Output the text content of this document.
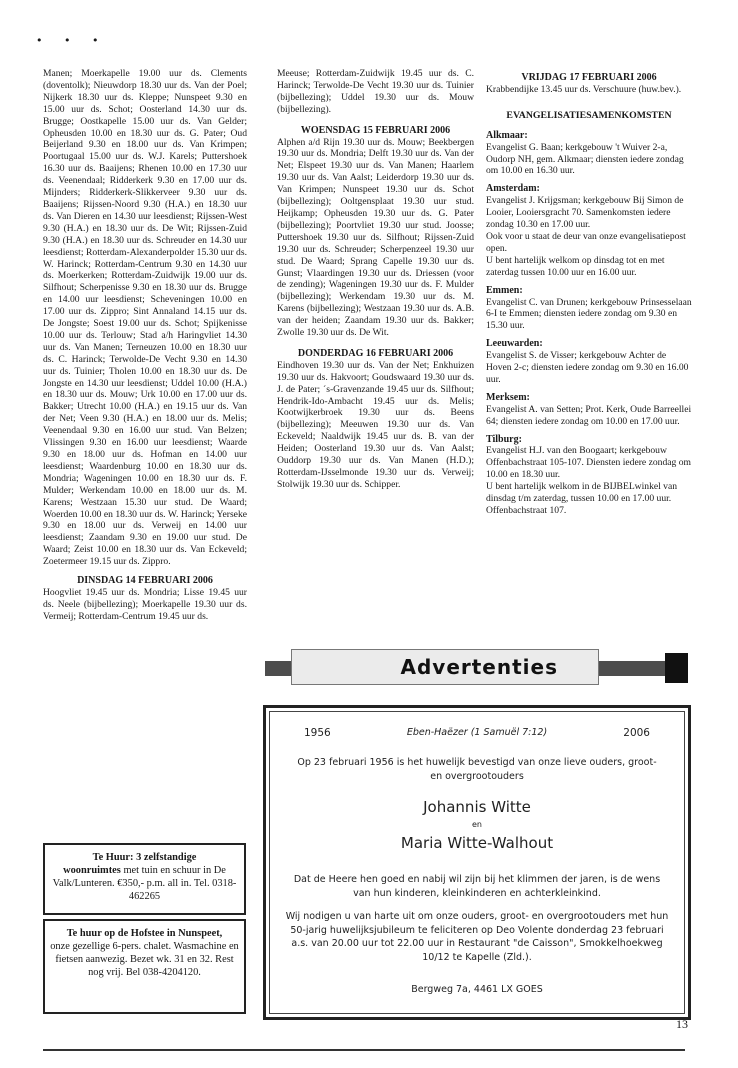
• • •

Manen; Moerkapelle 19.00 uur ds. Clements (doventolk); Nieuwdorp 18.30 uur ds. Van der Poel; Nijkerk 18.30 uur ds. Kleppe; Nunspeet 9.30 en 15.00 uur ds. Schot; Oosterland 14.30 uur ds. Brugge; Oostkapelle 15.00 uur ds. Van Gelder; Opheusden 10.00 en 18.30 uur ds. G. Pater; Oud Beijerland 9.30 en 18.00 uur ds. Van Krimpen; Poortugaal 15.00 uur ds. W.J. Karels; Puttershoek 16.30 uur ds. Baaijens; Rhenen 10.00 en 17.30 uur ds. Veenendaal; Ridderkerk 9.30 en 17.00 uur ds. Mijnders; Ridderkerk-Slikkerveer 9.30 uur ds. Baaijens; Rijssen-Noord 9.30 (H.A.) en 18.30 uur ds. Van Dieren en 14.30 uur leesdienst; Rijssen-West 9.30 (H.A.) en 18.30 uur ds. De Wit; Rijssen-Zuid 9.30 (H.A.) en 18.30 uur ds. Schreuder en 14.30 uur leesdienst; Rotterdam-Alexanderpolder 15.30 uur ds. W. Harinck; Rotterdam-Centrum 9.30 en 14.30 uur ds. Moerkerken; Rotterdam-Zuidwijk 19.00 uur ds. Silfhout; Scherpenisse 9.30 en 18.30 uur ds. Brugge en 14.00 uur leesdienst; Scheveningen 10.00 en 17.00 uur ds. Zippro; Sint Annaland 14.15 uur ds. De Jongste; Soest 19.00 uur ds. Schot; Spijkenisse 10.00 uur ds. Terlouw; Stad a/h Haringvliet 14.30 uur ds. Van Manen; Terneuzen 10.00 en 18.30 uur ds. C. Harinck; Terwolde-De Vecht 9.30 en 14.30 uur ds. Tuinier; Tholen 10.00 en 18.30 uur ds. De Jongste en 14.30 uur leesdienst; Uddel 10.00 (H.A.) en 18.30 uur ds. Mouw; Urk 10.00 en 17.00 uur ds. Bakker; Utrecht 10.00 (H.A.) en 19.15 uur ds. Van der Net; Veen 9.30 (H.A.) en 18.00 uur ds. Melis; Veenendaal 9.30 en 16.00 uur stud. Van Belzen; Vlissingen 9.30 en 16.00 uur leesdienst; Waarde 9.30 en 18.00 uur ds. Hofman en 14.00 uur leesdienst; Waardenburg 10.00 en 18.30 uur ds. Mondria; Wageningen 10.00 en 18.30 uur ds. F. Mulder; Werkendam 10.00 en 18.00 uur ds. M. Karens; Westzaan 15.30 uur stud. De Waard; Woerden 10.00 en 18.30 uur ds. W. Harinck; Yerseke 9.30 en 18.00 uur ds. Verweij en 14.00 uur leesdienst; Zaandam 9.30 en 19.00 uur stud. De Waard; Zeist 10.00 en 18.30 uur ds. Van Eckeveld; Zoetermeer 19.15 uur ds. Zippro.

DINSDAG 14 FEBRUARI 2006

Hoogvliet 19.45 uur ds. Mondria; Lisse 19.45 uur ds. Neele (bijbellezing); Moerkapelle 19.30 uur ds. Vermeij; Rotterdam-Centrum 19.45 uur ds.

Meeuse; Rotterdam-Zuidwijk 19.45 uur ds. C. Harinck; Terwolde-De Vecht 19.30 uur ds. Tuinier (bijbellezing); Uddel 19.30 uur ds. Mouw (bijbellezing).

WOENSDAG 15 FEBRUARI 2006

Alphen a/d Rijn 19.30 uur ds. Mouw; Beekbergen 19.30 uur ds. Mondria; Delft 19.30 uur ds. Van der Net; Elspeet 19.30 uur ds. Van Manen; Haarlem 19.30 uur ds. Van Aalst; Leiderdorp 19.30 uur ds. Van Krimpen; Nunspeet 19.30 uur ds. Schot (bijbellezing); Ooltgensplaat 19.30 uur stud. Heijkamp; Opheusden 19.30 uur ds. G. Pater (bijbellezing); Poortvliet 19.30 uur stud. Joosse; Puttershoek 19.30 uur ds. Silfhout; Rijssen-Zuid 19.30 uur ds. Schreuder; Scherpenzeel 19.30 uur stud. De Waard; Sprang Capelle 19.30 uur ds. Gunst; Vlaardingen 19.30 uur ds. Driessen (voor de zending); Wageningen 19.30 uur ds. F. Mulder (bijbellezing); Werkendam 19.30 uur ds. M. Karens (bijbellezing); Westzaan 19.30 uur ds. A.B. van der heiden; Zaandam 19.30 uur ds. Bakker; Zwolle 19.30 uur ds. De Wit.

DONDERDAG 16 FEBRUARI 2006

Eindhoven 19.30 uur ds. Van der Net; Enkhuizen 19.30 uur ds. Hakvoort; Goudswaard 19.30 uur ds. J. de Pater; ´s-Gravenzande 19.45 uur ds. Silfhout; Hendrik-Ido-Ambacht 19.45 uur ds. Melis; Kootwijkerbroek 19.30 uur ds. Beens (bijbellezing); Meeuwen 19.30 uur ds. Van Eckeveld; Naaldwijk 19.45 uur ds. B. van der Heiden; Oosterland 19.30 uur ds. Van Aalst; Ouddorp 19.30 uur ds. Van Manen (H.D.); Rotterdam-IJsselmonde 19.30 uur ds. Verweij; Stolwijk 19.30 uur ds. Schipper.

VRIJDAG 17 FEBRUARI 2006

Krabbendijke 13.45 uur ds. Verschuure (huw.bev.).

EVANGELISATIESAMENKOMSTEN
Alkmaar:
Evangelist G. Baan; kerkgebouw 't Wuiver 2-a, Oudorp NH, gem. Alkmaar; diensten iedere zondag om 10.00 en 16.30 uur.
Amsterdam:
Evangelist J. Krijgsman; kerkgebouw Bij Simon de Looier, Looiersgracht 70. Samenkomsten iedere zondag 10.30 en 17.00 uur.
Ook voor u staat de deur van onze evangelisatiepost open.
U bent hartelijk welkom op dinsdag tot en met zaterdag tussen 10.00 uur en 16.00 uur.
Emmen:
Evangelist C. van Drunen; kerkgebouw Prinsesselaan 6-I te Emmen; diensten iedere zondag om 9.30 en 15.30 uur.
Leeuwarden:
Evangelist S. de Visser; kerkgebouw Achter de Hoven 2-c; diensten iedere zondag om 9.30 en 16.00 uur.
Merksem:
Evangelist A. van Setten; Prot. Kerk, Oude Barreellei 64; diensten iedere zondag om 10.00 en 17.00 uur.
Tilburg:
Evangelist H.J. van den Boogaart; kerkgebouw Offenbachstraat 105-107. Diensten iedere zondag om 10.00 en 18.30 uur.
U bent hartelijk welkom in de BIJBELwinkel van dinsdag t/m zaterdag, tussen 10.00 en 17.00 uur. Offenbachstraat 107.
Te Huur: 3 zelfstandige
woonruimtes met tuin en schuur in De Valk/Lunteren. €350,- p.m. all in. Tel. 0318-462265
Te huur op de Hofstee in Nunspeet,
onze gezellige 6-pers. chalet. Wasmachine en fietsen aanwezig. Bezet wk. 31 en 32. Rest nog vrij. Bel 038-4204120.
Advertenties
Eben-Haëzer (1 Samuël 7:12)
1956	2006
Op 23 februari 1956 is het huwelijk bevestigd van onze lieve ouders, groot- en overgrootouders
Johannis Witte
en
Maria Witte-Walhout
Dat de Heere hen goed en nabij wil zijn bij het klimmen der jaren, is de wens van hun kinderen, kleinkinderen en achterkleinkind.
Wij nodigen u van harte uit om onze ouders, groot- en overgrootouders met hun 50-jarig huwelijksjubileum te feliciteren op Deo Volente donderdag 23 februari a.s. van 20.00 uur tot 22.00 uur in Restaurant "de Caisson", Smokkelhoekweg 10/12 te Kapelle (Zld.).
Bergweg 7a, 4461 LX GOES
13
